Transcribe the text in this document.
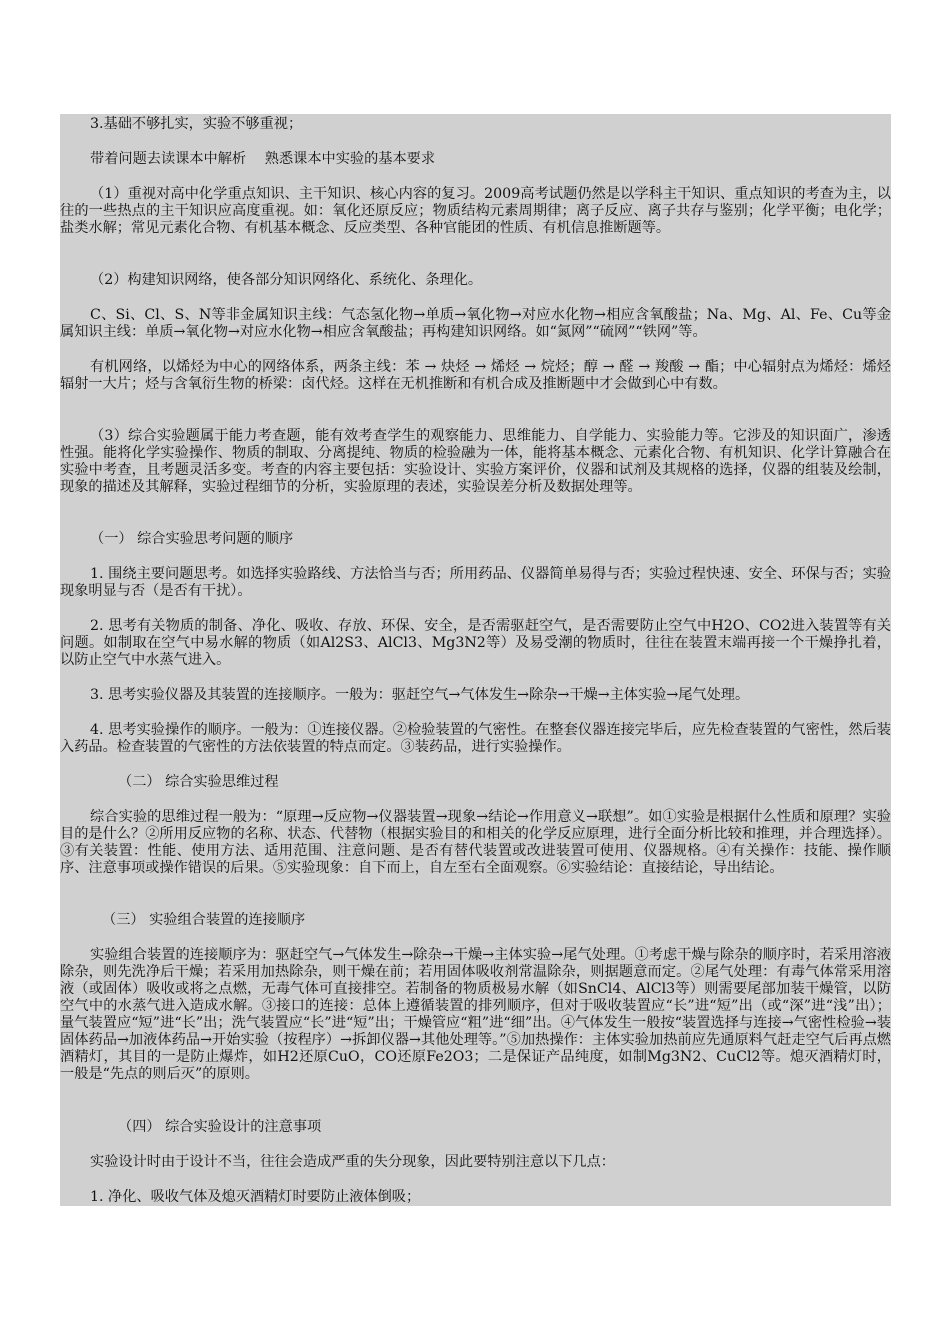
3.基础不够扎实，实验不够重视；

带着问题去读课本中解析　 熟悉课本中实验的基本要求

（1）重视对高中化学重点知识、主干知识、核心内容的复习。2009高考试题仍然是以学科主干知识、重点知识的考查为主，以往的一些热点的主干知识应高度重视。如：氧化还原反应；物质结构元素周期律；离子反应、离子共存与鉴别；化学平衡；电化学；盐类水解；常见元素化合物、有机基本概念、反应类型、各种官能团的性质、有机信息推断题等。

（2）构建知识网络，使各部分知识网络化、系统化、条理化。

C、Si、Cl、S、N等非金属知识主线：气态氢化物→单质→氧化物→对应水化物→相应含氧酸盐；Na、Mg、Al、Fe、Cu等金属知识主线：单质→氧化物→对应水化物→相应含氧酸盐；再构建知识网络。如“氮网”“硫网”“铁网”等。

有机网络，以烯烃为中心的网络体系，两条主线：苯 → 炔烃 → 烯烃 → 烷烃；醇 → 醛 → 羧酸 → 酯；中心辐射点为烯烃：烯烃辐射一大片；烃与含氧衍生物的桥梁：卤代烃。这样在无机推断和有机合成及推断题中才会做到心中有数。

（3）综合实验题属于能力考查题，能有效考查学生的观察能力、思维能力、自学能力、实验能力等。它涉及的知识面广，渗透性强。能将化学实验操作、物质的制取、分离提纯、物质的检验融为一体，能将基本概念、元素化合物、有机知识、化学计算融合在实验中考查，且考题灵活多变。考查的内容主要包括：实验设计、实验方案评价，仪器和试剂及其规格的选择，仪器的组装及绘制，现象的描述及其解释，实验过程细节的分析，实验原理的表述，实验误差分析及数据处理等。

（一） 综合实验思考问题的顺序

1. 围绕主要问题思考。如选择实验路线、方法恰当与否；所用药品、仪器简单易得与否；实验过程快速、安全、环保与否；实验现象明显与否（是否有干扰）。

2. 思考有关物质的制备、净化、吸收、存放、环保、安全，是否需驱赶空气，是否需要防止空气中H2O、CO2进入装置等有关问题。如制取在空气中易水解的物质（如Al2S3、AlCl3、Mg3N2等）及易受潮的物质时，往往在装置末端再接一个干燥挣扎着，以防止空气中水蒸气进入。

3. 思考实验仪器及其装置的连接顺序。一般为：驱赶空气→气体发生→除杂→干燥→主体实验→尾气处理。

4. 思考实验操作的顺序。一般为：①连接仪器。②检验装置的气密性。在整套仪器连接完毕后，应先检查装置的气密性，然后装入药品。检查装置的气密性的方法依装置的特点而定。③装药品，进行实验操作。

（二） 综合实验思维过程

综合实验的思维过程一般为：“原理→反应物→仪器装置→现象→结论→作用意义→联想”。如①实验是根据什么性质和原理？实验目的是什么？②所用反应物的名称、状态、代替物（根据实验目的和相关的化学反应原理，进行全面分析比较和推理，并合理选择）。③有关装置：性能、使用方法、适用范围、注意问题、是否有替代装置或改进装置可使用、仪器规格。④有关操作：技能、操作顺序、注意事项或操作错误的后果。⑤实验现象：自下而上，自左至右全面观察。⑥实验结论：直接结论，导出结论。

（三） 实验组合装置的连接顺序

实验组合装置的连接顺序为：驱赶空气→气体发生→除杂→干燥→主体实验→尾气处理。①考虑干燥与除杂的顺序时，若采用溶液除杂，则先洗净后干燥；若采用加热除杂，则干燥在前；若用固体吸收剂常温除杂，则据题意而定。②尾气处理：有毒气体常采用溶液（或固体）吸收或将之点燃，无毒气体可直接排空。若制备的物质极易水解（如SnCl4、AlCl3等）则需要尾部加装干燥管，以防空气中的水蒸气进入造成水解。③接口的连接：总体上遵循装置的排列顺序，但对于吸收装置应“长”进“短”出（或“深”进“浅”出）；量气装置应“短”进“长”出；洗气装置应“长”进“短”出；干燥管应“粗”进“细”出。④气体发生一般按“装置选择与连接→气密性检验→装固体药品→加液体药品→开始实验（按程序）→拆卸仪器→其他处理等。”⑤加热操作：主体实验加热前应先通原料气赶走空气后再点燃酒精灯，其目的一是防止爆炸，如H2还原CuO，CO还原Fe2O3；二是保证产品纯度，如制Mg3N2、CuCl2等。熄灭酒精灯时，一般是“先点的则后灭”的原则。

（四） 综合实验设计的注意事项

实验设计时由于设计不当，往往会造成严重的失分现象，因此要特别注意以下几点：

1. 净化、吸收气体及熄灭酒精灯时要防止液体倒吸；
